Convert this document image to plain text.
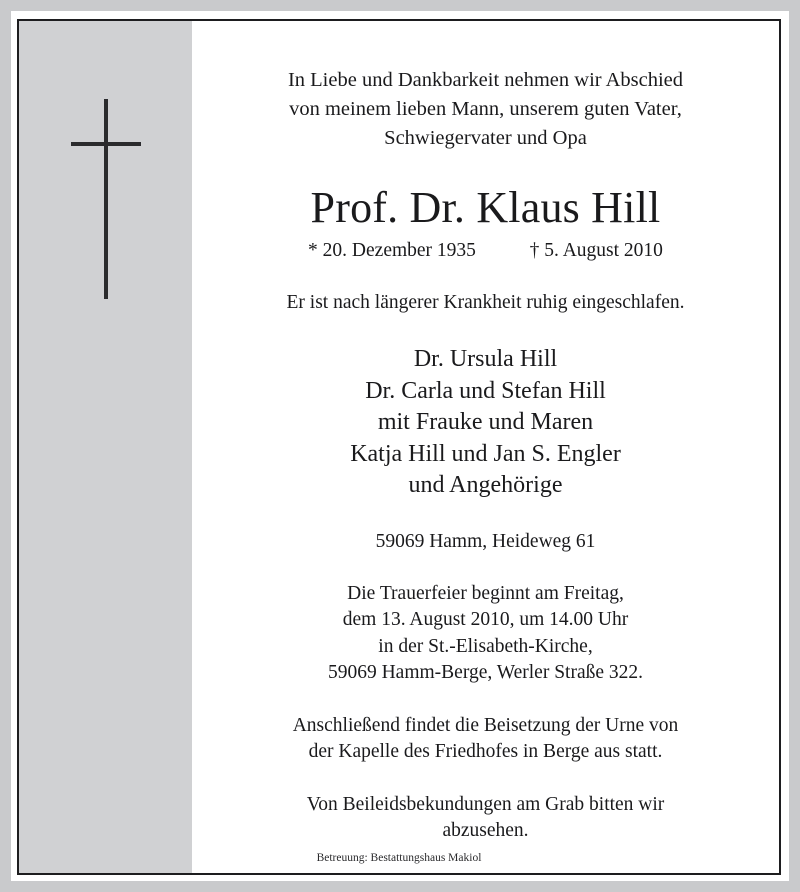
In Liebe und Dankbarkeit nehmen wir Abschied
von meinem lieben Mann, unserem guten Vater,
Schwiegervater und Opa
Prof. Dr. Klaus Hill
* 20. Dezember 1935	† 5. August 2010
Er ist nach längerer Krankheit ruhig eingeschlafen.
Dr. Ursula Hill
Dr. Carla und Stefan Hill
mit Frauke und Maren
Katja Hill und Jan S. Engler
und Angehörige
59069 Hamm, Heideweg 61
Die Trauerfeier beginnt am Freitag,
dem 13. August 2010, um 14.00 Uhr
in der St.-Elisabeth-Kirche,
59069 Hamm-Berge, Werler Straße 322.
Anschließend findet die Beisetzung der Urne von
der Kapelle des Friedhofes in Berge aus statt.
Von Beileidsbekundungen am Grab bitten wir
abzusehen.
Betreuung: Bestattungshaus Makiol
